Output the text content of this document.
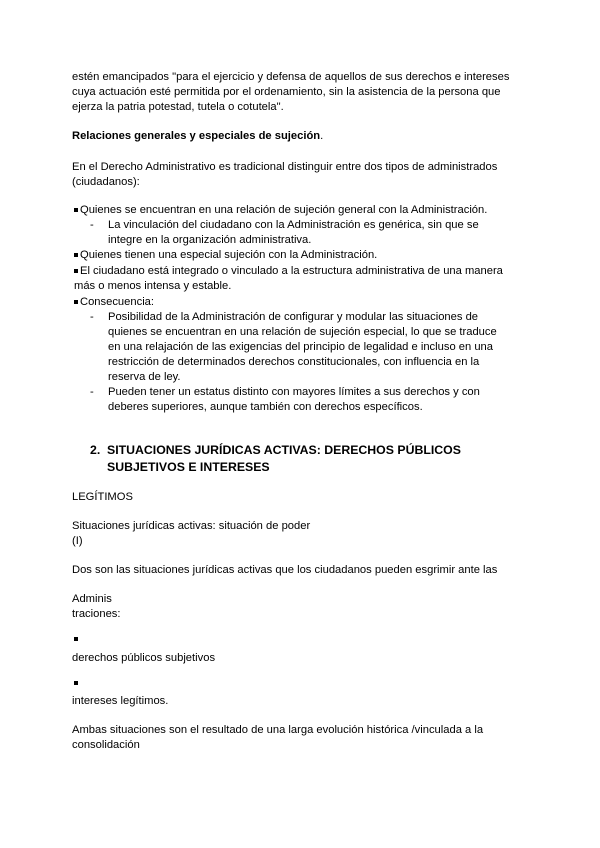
estén emancipados "para el ejercicio y defensa de aquellos de sus derechos e intereses
cuya actuación esté permitida por el ordenamiento, sin la asistencia de la persona que
ejerza la patria potestad, tutela o cotutela".
Relaciones generales y especiales de sujeción.
En el Derecho Administrativo es tradicional distinguir entre dos tipos de administrados
(ciudadanos):
Quienes se encuentran en una relación de sujeción general con la Administración.
- La vinculación del ciudadano con la Administración es genérica, sin que se
integre en la organización administrativa.
Quienes tienen una especial sujeción con la Administración.
El ciudadano está integrado o vinculado a la estructura administrativa de una manera
más o menos intensa y estable.
Consecuencia:
- Posibilidad de la Administración de configurar y modular las situaciones de
quienes se encuentran en una relación de sujeción especial, lo que se traduce
en una relajación de las exigencias del principio de legalidad e incluso en una
restricción de determinados derechos constitucionales, con influencia en la
reserva de ley.
- Pueden tener un estatus distinto con mayores límites a sus derechos y con
deberes superiores, aunque también con derechos específicos.
2. SITUACIONES JURÍDICAS ACTIVAS: DERECHOS PÚBLICOS
SUBJETIVOS E INTERESES
LEGÍTIMOS
Situaciones jurídicas activas: situación de poder
(I)
Dos son las situaciones jurídicas activas que los ciudadanos pueden esgrimir ante las
Adminis
traciones:
derechos públicos subjetivos
intereses legítimos.
Ambas situaciones son el resultado de una larga evolución histórica /vinculada a la
consolidación
